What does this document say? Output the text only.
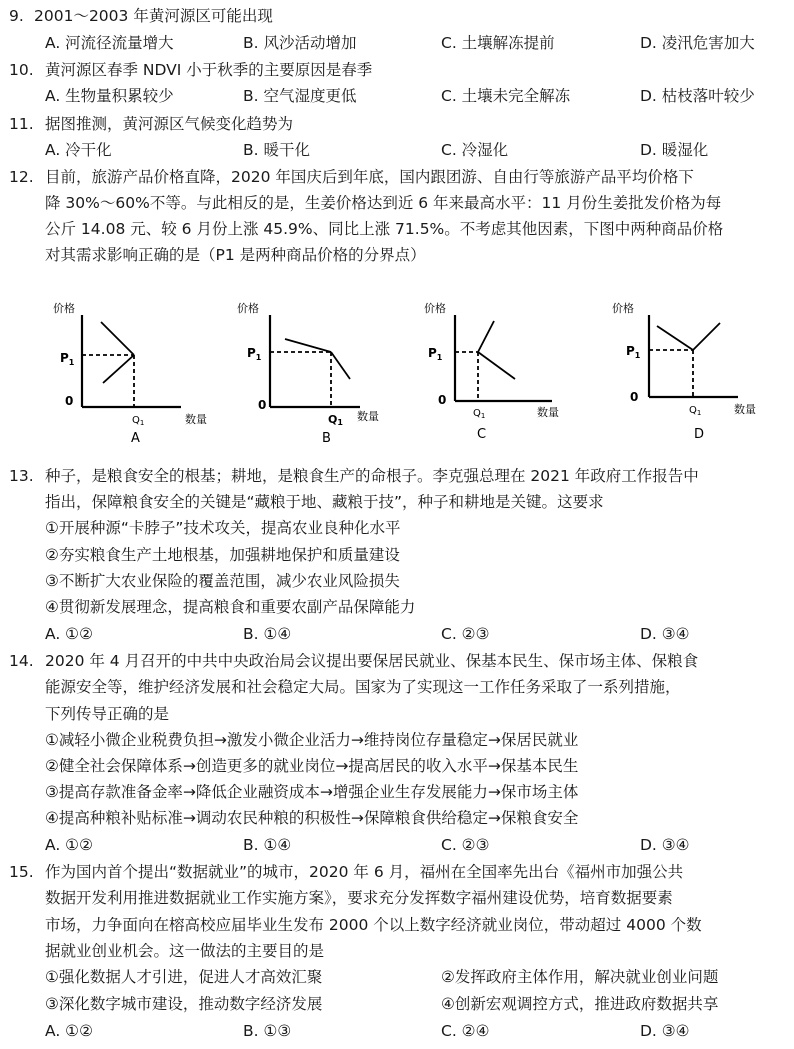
9. 2001～2003 年黄河源区可能出现
A. 河流径流量增大	B. 风沙活动增加	C. 土壤解冻提前	D. 凌汛危害加大
10. 黄河源区春季 NDVI 小于秋季的主要原因是春季
A. 生物量积累较少	B. 空气湿度更低	C. 土壤未完全解冻	D. 枯枝落叶较少
11. 据图推测，黄河源区气候变化趋势为
A. 冷干化	B. 暖干化	C. 冷湿化	D. 暖湿化
12. 目前，旅游产品价格直降，2020 年国庆后到年底，国内跟团游、自由行等旅游产品平均价格下
降 30%～60%不等。与此相反的是，生姜价格达到近 6 年来最高水平：11 月份生姜批发价格为每
公斤 14.08 元、较 6 月份上涨 45.9%、同比上涨 71.5%。不考虑其他因素，下图中两种商品价格
对其需求影响正确的是（P1 是两种商品价格的分界点）
价格
0
$P_1$
$Q_1$	数量
A
价格
0
$P_1$
Q1 数量
B
价格
0
$P_1$
$Q_1$	数量
C
价格
0
$P_1$
$Q_1$	数量
D
13. 种子，是粮食安全的根基；耕地，是粮食生产的命根子。李克强总理在 2021 年政府工作报告中
指出，保障粮食安全的关键是“藏粮于地、藏粮于技”，种子和耕地是关键。这要求
①开展种源“卡脖子”技术攻关，提高农业良种化水平
②夯实粮食生产土地根基，加强耕地保护和质量建设
③不断扩大农业保险的覆盖范围，减少农业风险损失
④贯彻新发展理念，提高粮食和重要农副产品保障能力
A. ①②	B. ①④	C. ②③	D. ③④
14. 2020 年 4 月召开的中共中央政治局会议提出要保居民就业、保基本民生、保市场主体、保粮食
能源安全等，维护经济发展和社会稳定大局。国家为了实现这一工作任务采取了一系列措施，
下列传导正确的是
①减轻小微企业税费负担→激发小微企业活力→维持岗位存量稳定→保居民就业
②健全社会保障体系→创造更多的就业岗位→提高居民的收入水平→保基本民生
③提高存款准备金率→降低企业融资成本→增强企业生存发展能力→保市场主体
④提高种粮补贴标准→调动农民种粮的积极性→保障粮食供给稳定→保粮食安全
A. ①②	B. ①④	C. ②③	D. ③④
15. 作为国内首个提出“数据就业”的城市，2020 年 6 月，福州在全国率先出台《福州市加强公共
数据开发利用推进数据就业工作实施方案》，要求充分发挥数字福州建设优势，培育数据要素
市场，力争面向在榕高校应届毕业生发布 2000 个以上数字经济就业岗位，带动超过 4000 个数
据就业创业机会。这一做法的主要目的是
①强化数据人才引进，促进人才高效汇聚	②发挥政府主体作用，解决就业创业问题
③深化数字城市建设，推动数字经济发展	④创新宏观调控方式，推进政府数据共享
A. ①②	B. ①③	C. ②④	D. ③④
